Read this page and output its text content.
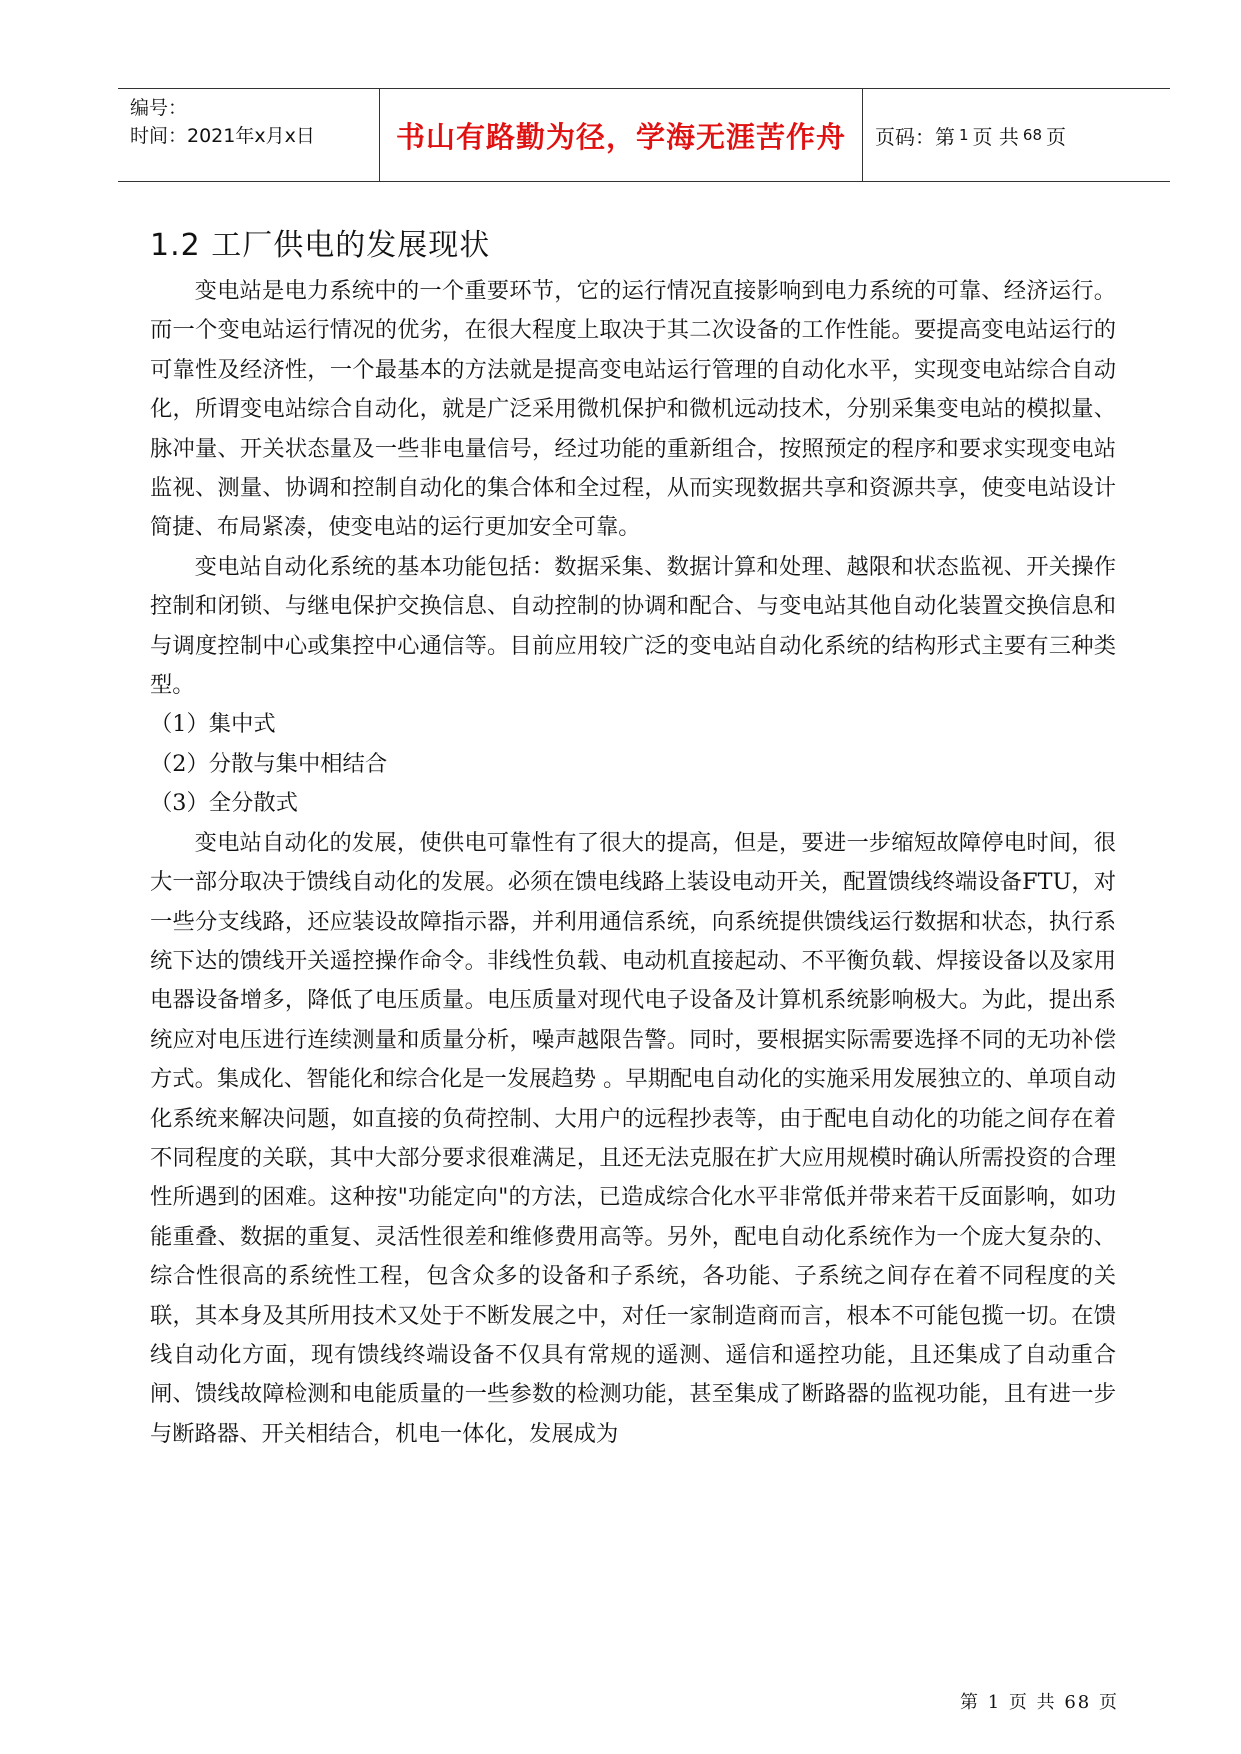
编号：
时间：2021年x月x日	书山有路勤为径，学海无涯苦作舟 页码：第 1 页 共 68 页
1.2 工厂供电的发展现状

变电站是电力系统中的一个重要环节，它的运行情况直接影响到电力系统的可靠、经济运行。而一个变电站运行情况的优劣，在很大程度上取决于其二次设备的工作性能。要提高变电站运行的可靠性及经济性，一个最基本的方法就是提高变电站运行管理的自动化水平，实现变电站综合自动化，所谓变电站综合自动化，就是广泛采用微机保护和微机远动技术，分别采集变电站的模拟量、脉冲量、开关状态量及一些非电量信号，经过功能的重新组合，按照预定的程序和要求实现变电站监视、测量、协调和控制自动化的集合体和全过程，从而实现数据共享和资源共享，使变电站设计简捷、布局紧凑，使变电站的运行更加安全可靠。

变电站自动化系统的基本功能包括：数据采集、数据计算和处理、越限和状态监视、开关操作控制和闭锁、与继电保护交换信息、自动控制的协调和配合、与变电站其他自动化装置交换信息和与调度控制中心或集控中心通信等。目前应用较广泛的变电站自动化系统的结构形式主要有三种类型。

（1）集中式

（2）分散与集中相结合

（3）全分散式

变电站自动化的发展，使供电可靠性有了很大的提高，但是，要进一步缩短故障停电时间，很大一部分取决于馈线自动化的发展。必须在馈电线路上装设电动开关，配置馈线终端设备FTU，对一些分支线路，还应装设故障指示器，并利用通信系统，向系统提供馈线运行数据和状态，执行系统下达的馈线开关遥控操作命令。非线性负载、电动机直接起动、不平衡负载、焊接设备以及家用电器设备增多，降低了电压质量。电压质量对现代电子设备及计算机系统影响极大。为此，提出系统应对电压进行连续测量和质量分析，噪声越限告警。同时，要根据实际需要选择不同的无功补偿方式。集成化、智能化和综合化是一发展趋势 。早期配电自动化的实施采用发展独立的、单项自动化系统来解决问题，如直接的负荷控制、大用户的远程抄表等，由于配电自动化的功能之间存在着不同程度的关联，其中大部分要求很难满足，且还无法克服在扩大应用规模时确认所需投资的合理性所遇到的困难。这种按"功能定向"的方法，已造成综合化水平非常低并带来若干反面影响，如功能重叠、数据的重复、灵活性很差和维修费用高等。另外，配电自动化系统作为一个庞大复杂的、综合性很高的系统性工程，包含众多的设备和子系统，各功能、子系统之间存在着不同程度的关联，其本身及其所用技术又处于不断发展之中，对任一家制造商而言，根本不可能包揽一切。在馈线自动化方面，现有馈线终端设备不仅具有常规的遥测、遥信和遥控功能，且还集成了自动重合闸、馈线故障检测和电能质量的一些参数的检测功能，甚至集成了断路器的监视功能，且有进一步与断路器、开关相结合，机电一体化，发展成为

第 1 页 共 68 页
